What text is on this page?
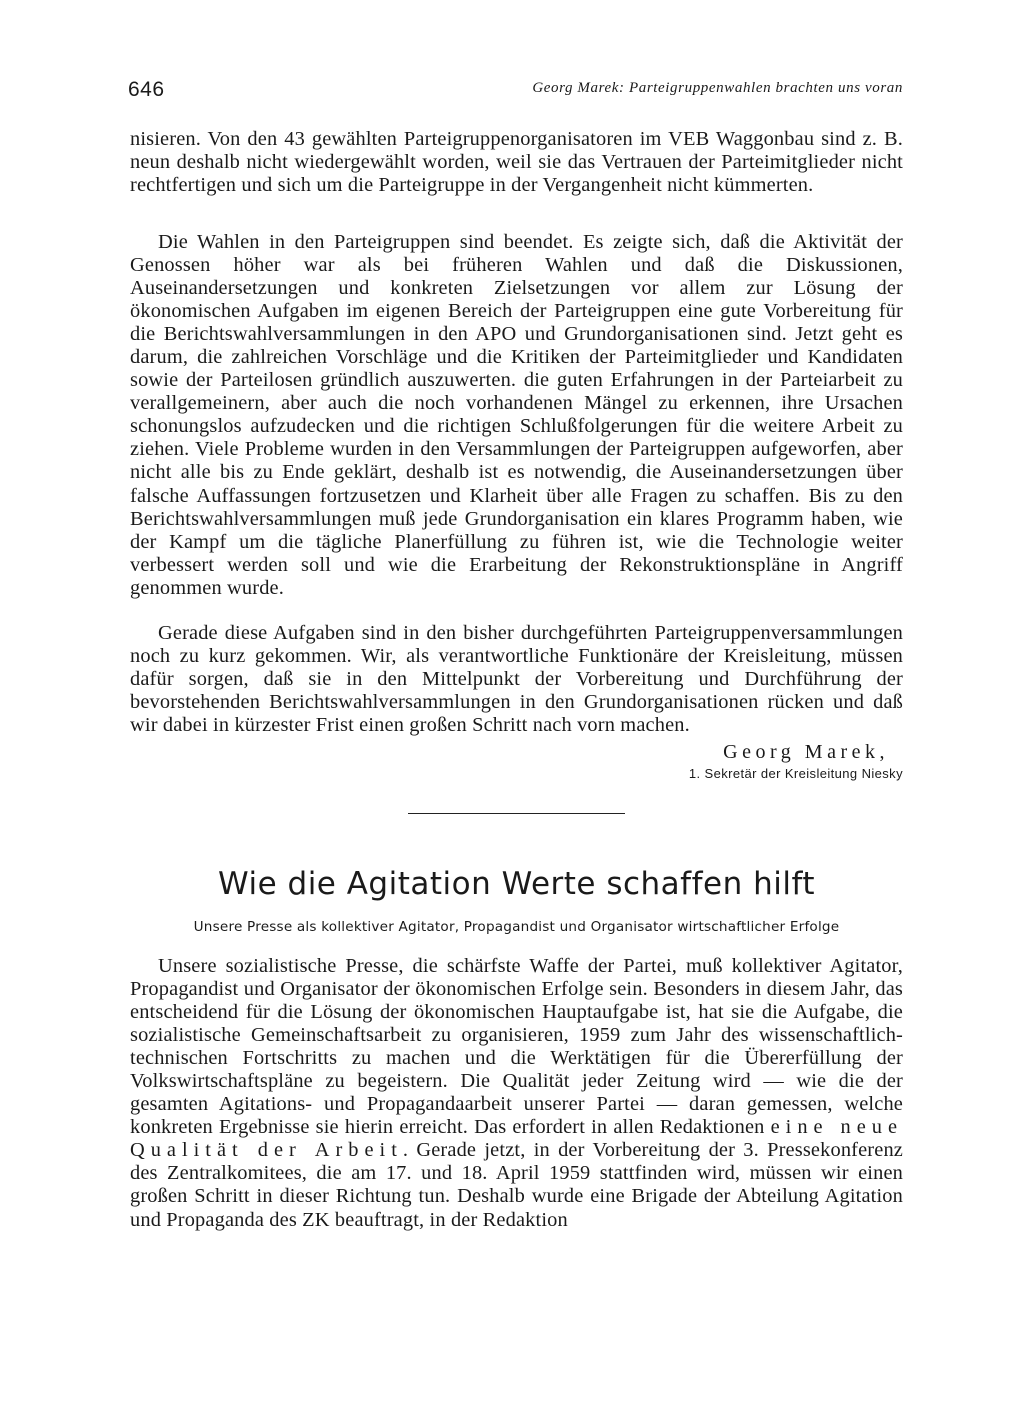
646	Georg Marek: Parteigruppenwahlen brachten uns voran

nisieren. Von den 43 gewählten Parteigruppenorganisatoren im VEB Waggonbau sind z. B. neun deshalb nicht wiedergewählt worden, weil sie das Vertrauen der Parteimitglieder nicht rechtfertigen und sich um die Parteigruppe in der Vergangenheit nicht kümmerten.

Die Wahlen in den Parteigruppen sind beendet. Es zeigte sich, daß die Aktivität der Genossen höher war als bei früheren Wahlen und daß die Diskussionen, Auseinandersetzungen und konkreten Zielsetzungen vor allem zur Lösung der ökonomischen Aufgaben im eigenen Bereich der Parteigruppen eine gute Vorbereitung für die Berichtswahlversammlungen in den APO und Grundorganisationen sind. Jetzt geht es darum, die zahlreichen Vorschläge und die Kritiken der Parteimitglieder und Kandidaten sowie der Parteilosen gründlich auszuwerten. die guten Erfahrungen in der Parteiarbeit zu verallgemeinern, aber auch die noch vorhandenen Mängel zu erkennen, ihre Ursachen schonungslos aufzudecken und die richtigen Schlußfolgerungen für die weitere Arbeit zu ziehen. Viele Probleme wurden in den Versammlungen der Parteigruppen aufgeworfen, aber nicht alle bis zu Ende geklärt, deshalb ist es notwendig, die Auseinandersetzungen über falsche Auffassungen fortzusetzen und Klarheit über alle Fragen zu schaffen. Bis zu den Berichtswahlversammlungen muß jede Grundorganisation ein klares Programm haben, wie der Kampf um die tägliche Planerfüllung zu führen ist, wie die Technologie weiter verbessert werden soll und wie die Erarbeitung der Rekonstruktionspläne in Angriff genommen wurde.

Gerade diese Aufgaben sind in den bisher durchgeführten Parteigruppenversammlungen noch zu kurz gekommen. Wir, als verantwortliche Funktionäre der Kreisleitung, müssen dafür sorgen, daß sie in den Mittelpunkt der Vorbereitung und Durchführung der bevorstehenden Berichtswahlversammlungen in den Grundorganisationen rücken und daß wir dabei in kürzester Frist einen großen Schritt nach vorn machen.

Georg Marek,
1. Sekretär der Kreisleitung Niesky
Wie die Agitation Werte schaffen hilft
Unsere Presse als kollektiver Agitator, Propagandist und Organisator wirtschaftlicher Erfolge

Unsere sozialistische Presse, die schärfste Waffe der Partei, muß kollektiver Agitator, Propagandist und Organisator der ökonomischen Erfolge sein. Besonders in diesem Jahr, das entscheidend für die Lösung der ökonomischen Hauptaufgabe ist, hat sie die Aufgabe, die sozialistische Gemeinschaftsarbeit zu organisieren, 1959 zum Jahr des wissenschaftlich-technischen Fortschritts zu machen und die Werktätigen für die Übererfüllung der Volkswirtschaftspläne zu begeistern. Die Qualität jeder Zeitung wird — wie die der gesamten Agitations- und Propagandaarbeit unserer Partei — daran gemessen, welche konkreten Ergebnisse sie hierin erreicht. Das erfordert in allen Redaktionen eine neue Qualität der Arbeit. Gerade jetzt, in der Vorbereitung der 3. Pressekonferenz des Zentralkomitees, die am 17. und 18. April 1959 stattfinden wird, müssen wir einen großen Schritt in dieser Richtung tun. Deshalb wurde eine Brigade der Abteilung Agitation und Propaganda des ZK beauftragt, in der Redaktion
